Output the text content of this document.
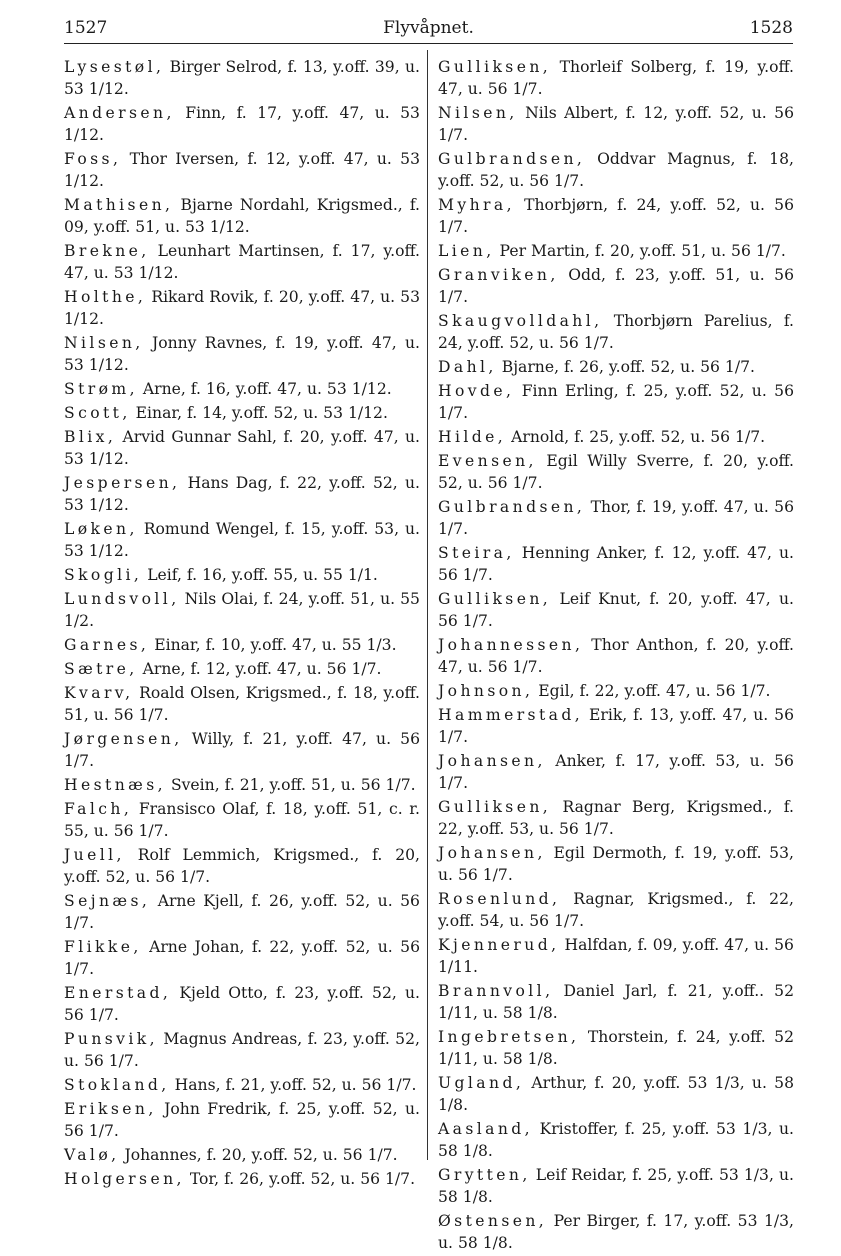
1527	Flyvåpnet.	1528
Lysestøl, Birger Selrod, f. 13, y.off. 39, u. 53 1/12.
Andersen, Finn, f. 17, y.off. 47, u. 53 1/12.
Foss, Thor Iversen, f. 12, y.off. 47, u. 53 1/12.
Mathisen, Bjarne Nordahl, Krigsmed., f. 09, y.off. 51, u. 53 1/12.
Brekne, Leunhart Martinsen, f. 17, y.off. 47, u. 53 1/12.
Holthe, Rikard Rovik, f. 20, y.off. 47, u. 53 1/12.
Nilsen, Jonny Ravnes, f. 19, y.off. 47, u. 53 1/12.
Strøm, Arne, f. 16, y.off. 47, u. 53 1/12.
Scott, Einar, f. 14, y.off. 52, u. 53 1/12.
Blix, Arvid Gunnar Sahl, f. 20, y.off. 47, u. 53 1/12.
Jespersen, Hans Dag, f. 22, y.off. 52, u. 53 1/12.
Løken, Romund Wengel, f. 15, y.off. 53, u. 53 1/12.
Skogli, Leif, f. 16, y.off. 55, u. 55 1/1.
Lundsvoll, Nils Olai, f. 24, y.off. 51, u. 55 1/2.
Garnes, Einar, f. 10, y.off. 47, u. 55 1/3.
Sætre, Arne, f. 12, y.off. 47, u. 56 1/7.
Kvarv, Roald Olsen, Krigsmed., f. 18, y.off. 51, u. 56 1/7.
Jørgensen, Willy, f. 21, y.off. 47, u. 56 1/7.
Hestnæs, Svein, f. 21, y.off. 51, u. 56 1/7.
Falch, Fransisco Olaf, f. 18, y.off. 51, c. r. 55, u. 56 1/7.
Juell, Rolf Lemmich, Krigsmed., f. 20, y.off. 52, u. 56 1/7.
Sejnæs, Arne Kjell, f. 26, y.off. 52, u. 56 1/7.
Flikke, Arne Johan, f. 22, y.off. 52, u. 56 1/7.
Enerstad, Kjeld Otto, f. 23, y.off. 52, u. 56 1/7.
Punsvik, Magnus Andreas, f. 23, y.off. 52, u. 56 1/7.
Stokland, Hans, f. 21, y.off. 52, u. 56 1/7.
Eriksen, John Fredrik, f. 25, y.off. 52, u. 56 1/7.
Valø, Johannes, f. 20, y.off. 52, u. 56 1/7.
Holgersen, Tor, f. 26, y.off. 52, u. 56 1/7.
Gulliksen, Thorleif Solberg, f. 19, y.off. 47, u. 56 1/7.
Nilsen, Nils Albert, f. 12, y.off. 52, u. 56 1/7.
Gulbrandsen, Oddvar Magnus, f. 18, y.off. 52, u. 56 1/7.
Myhra, Thorbjørn, f. 24, y.off. 52, u. 56 1/7.
Lien, Per Martin, f. 20, y.off. 51, u. 56 1/7.
Granviken, Odd, f. 23, y.off. 51, u. 56 1/7.
Skaugvolldahl, Thorbjørn Parelius, f. 24, y.off. 52, u. 56 1/7.
Dahl, Bjarne, f. 26, y.off. 52, u. 56 1/7.
Hovde, Finn Erling, f. 25, y.off. 52, u. 56 1/7.
Hilde, Arnold, f. 25, y.off. 52, u. 56 1/7.
Evensen, Egil Willy Sverre, f. 20, y.off. 52, u. 56 1/7.
Gulbrandsen, Thor, f. 19, y.off. 47, u. 56 1/7.
Steira, Henning Anker, f. 12, y.off. 47, u. 56 1/7.
Gulliksen, Leif Knut, f. 20, y.off. 47, u. 56 1/7.
Johannessen, Thor Anthon, f. 20, y.off. 47, u. 56 1/7.
Johnson, Egil, f. 22, y.off. 47, u. 56 1/7.
Hammerstad, Erik, f. 13, y.off. 47, u. 56 1/7.
Johansen, Anker, f. 17, y.off. 53, u. 56 1/7.
Gulliksen, Ragnar Berg, Krigsmed., f. 22, y.off. 53, u. 56 1/7.
Johansen, Egil Dermoth, f. 19, y.off. 53, u. 56 1/7.
Rosenlund, Ragnar, Krigsmed., f. 22, y.off. 54, u. 56 1/7.
Kjennerud, Halfdan, f. 09, y.off. 47, u. 56 1/11.
Brannvoll, Daniel Jarl, f. 21, y.off.. 52 1/11, u. 58 1/8.
Ingebretsen, Thorstein, f. 24, y.off. 52 1/11, u. 58 1/8.
Ugland, Arthur, f. 20, y.off. 53 1/3, u. 58 1/8.
Aasland, Kristoffer, f. 25, y.off. 53 1/3, u. 58 1/8.
Grytten, Leif Reidar, f. 25, y.off. 53 1/3, u. 58 1/8.
Østensen, Per Birger, f. 17, y.off. 53 1/3, u. 58 1/8.
